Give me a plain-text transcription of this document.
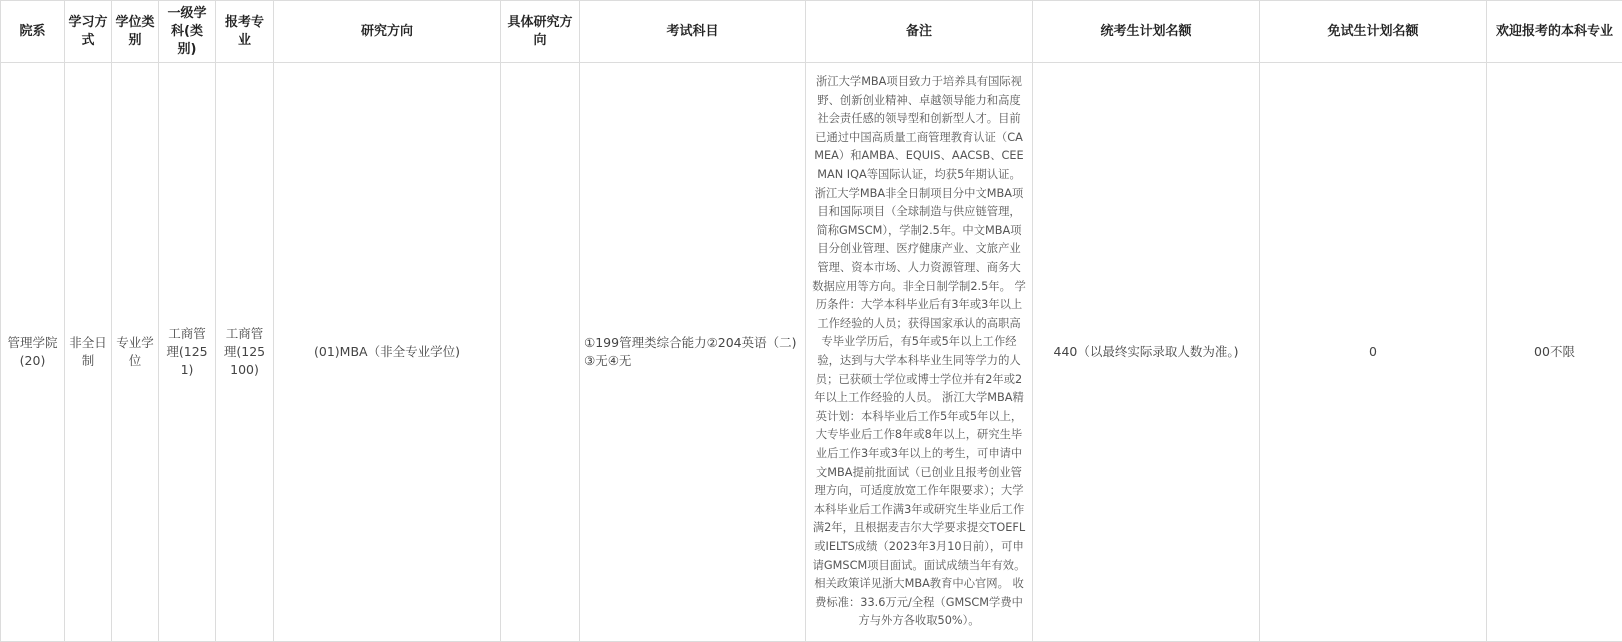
院系	学习方式	学位类别	一级学科(类别)	报考专业	研究方向	具体研究方向	考试科目	备注	统考生计划名额	免试生计划名额	欢迎报考的本科专业
管理学院(20)	非全日制	专业学位	工商管理(1251)	工商管理(125100)	(01)MBA（非全专业学位)		①199管理类综合能力②204英语（二)③无④无	浙江大学MBA项目致力于培养具有国际视野、创新创业精神、卓越领导能力和高度社会责任感的领导型和创新型人才。目前已通过中国高质量工商管理教育认证（CAMEA）和AMBA、EQUIS、AACSB、CEEMAN IQA等国际认证，均获5年期认证。 浙江大学MBA非全日制项目分中文MBA项目和国际项目（全球制造与供应链管理，简称GMSCM），学制2.5年。中文MBA项目分创业管理、医疗健康产业、文旅产业管理、资本市场、人力资源管理、商务大数据应用等方向。非全日制学制2.5年。 学历条件：大学本科毕业后有3年或3年以上工作经验的人员；获得国家承认的高职高专毕业学历后，有5年或5年以上工作经验，达到与大学本科毕业生同等学力的人员；已获硕士学位或博士学位并有2年或2年以上工作经验的人员。 浙江大学MBA精英计划：本科毕业后工作5年或5年以上，大专毕业后工作8年或8年以上，研究生毕业后工作3年或3年以上的考生，可申请中文MBA提前批面试（已创业且报考创业管理方向，可适度放宽工作年限要求）；大学本科毕业后工作满3年或研究生毕业后工作满2年，且根据麦吉尔大学要求提交TOEFL或IELTS成绩（2023年3月10日前），可申请GMSCM项目面试。面试成绩当年有效。相关政策详见浙大MBA教育中心官网。 收费标准：33.6万元/全程（GMSCM学费中方与外方各收取50%）。	440（以最终实际录取人数为准。)	0	00不限
